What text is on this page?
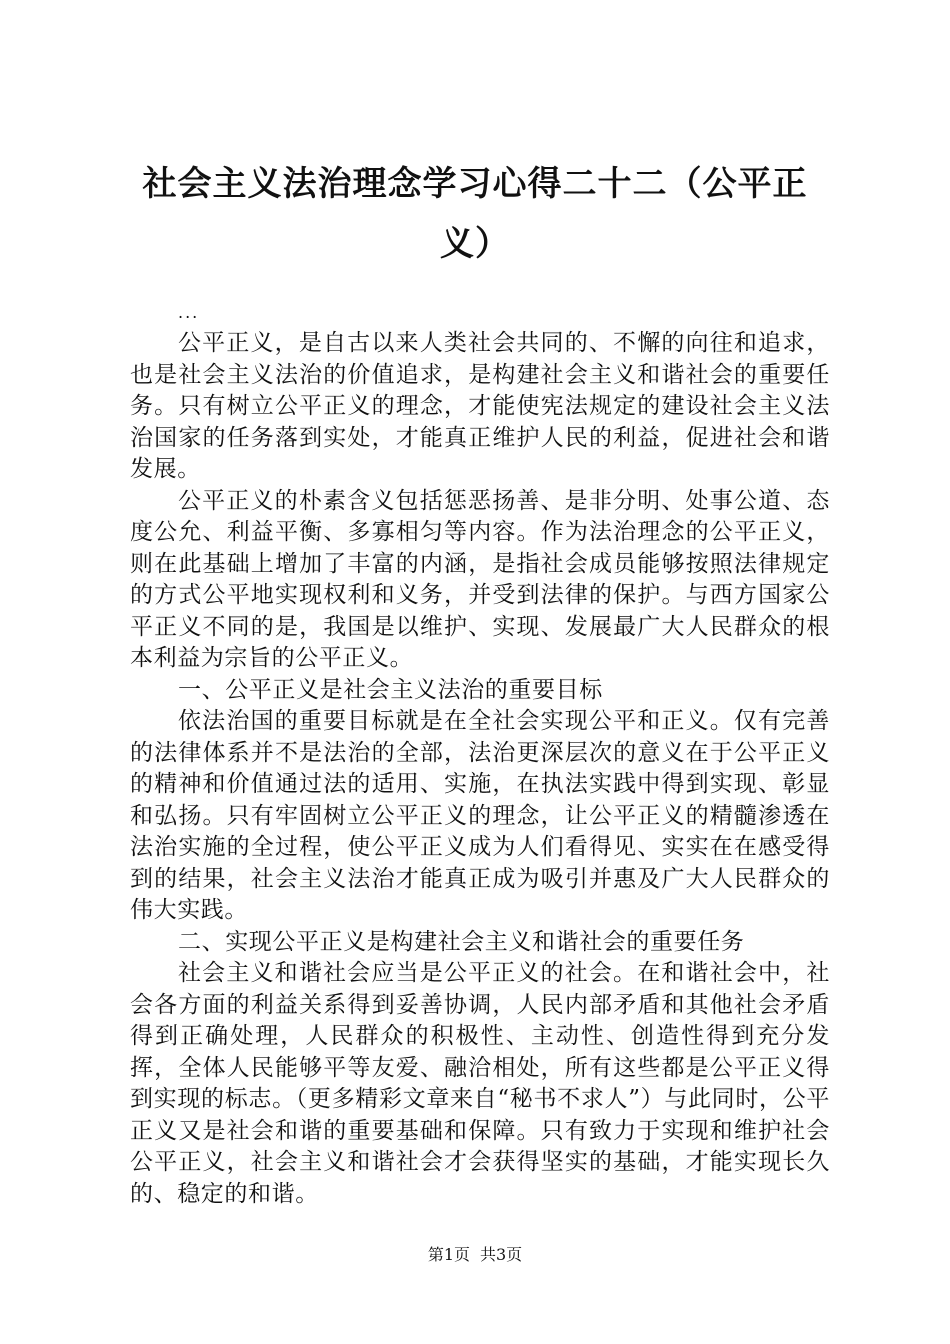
社会主义法治理念学习心得二十二（公平正
义）
...

公平正义，是自古以来人类社会共同的、不懈的向往和追求，也是社会主义法治的价值追求，是构建社会主义和谐社会的重要任务。只有树立公平正义的理念，才能使宪法规定的建设社会主义法治国家的任务落到实处，才能真正维护人民的利益，促进社会和谐发展。

公平正义的朴素含义包括惩恶扬善、是非分明、处事公道、态度公允、利益平衡、多寡相匀等内容。作为法治理念的公平正义，则在此基础上增加了丰富的内涵，是指社会成员能够按照法律规定的方式公平地实现权利和义务，并受到法律的保护。与西方国家公平正义不同的是，我国是以维护、实现、发展最广大人民群众的根本利益为宗旨的公平正义。

一、公平正义是社会主义法治的重要目标

依法治国的重要目标就是在全社会实现公平和正义。仅有完善的法律体系并不是法治的全部，法治更深层次的意义在于公平正义的精神和价值通过法的适用、实施，在执法实践中得到实现、彰显和弘扬。只有牢固树立公平正义的理念，让公平正义的精髓渗透在法治实施的全过程，使公平正义成为人们看得见、实实在在感受得到的结果，社会主义法治才能真正成为吸引并惠及广大人民群众的伟大实践。

二、实现公平正义是构建社会主义和谐社会的重要任务

社会主义和谐社会应当是公平正义的社会。在和谐社会中，社会各方面的利益关系得到妥善协调，人民内部矛盾和其他社会矛盾得到正确处理，人民群众的积极性、主动性、创造性得到充分发挥，全体人民能够平等友爱、融洽相处，所有这些都是公平正义得到实现的标志。（更多精彩文章来自“秘书不求人”）与此同时，公平正义又是社会和谐的重要基础和保障。只有致力于实现和维护社会公平正义，社会主义和谐社会才会获得坚实的基础，才能实现长久的、稳定的和谐。

第1页 共3页
